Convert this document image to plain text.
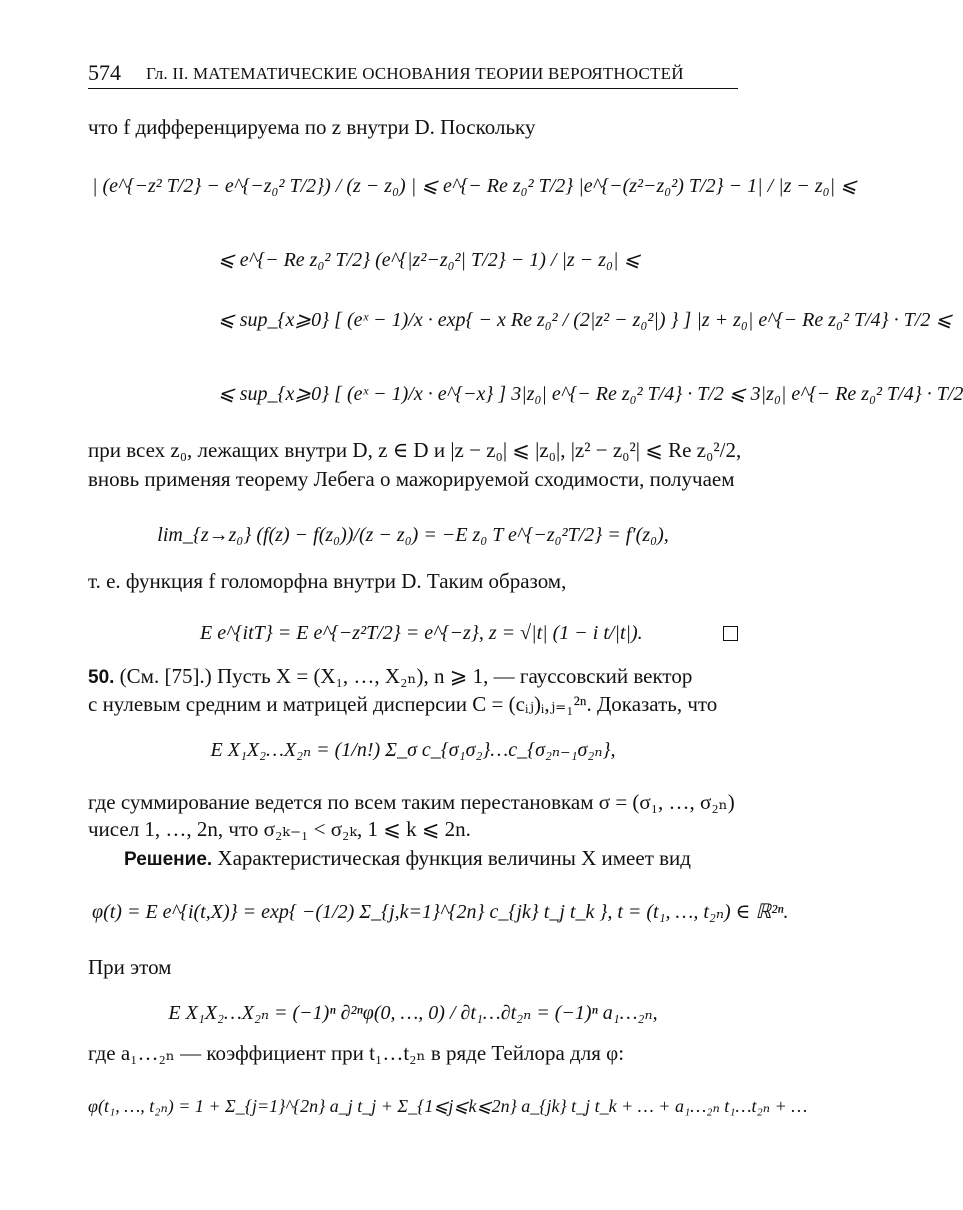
574 Гл. II. МАТЕМАТИЧЕСКИЕ ОСНОВАНИЯ ТЕОРИИ ВЕРОЯТНОСТЕЙ
что f дифференцируема по z внутри D. Поскольку
| (e^{−z² T/2} − e^{−z₀² T/2}) / (z − z₀) | ⩽ e^{− Re z₀² T/2} |e^{−(z²−z₀²) T/2} − 1| / |z − z₀| ⩽
⩽ e^{− Re z₀² T/2} (e^{|z²−z₀²| T/2} − 1) / |z − z₀| ⩽
⩽ sup_{x⩾0} [ (eˣ − 1)/x · exp{ − x Re z₀² / (2|z² − z₀²|) } ] |z + z₀| e^{− Re z₀² T/4} · T/2 ⩽
⩽ sup_{x⩾0} [ (eˣ − 1)/x · e^{−x} ] 3|z₀| e^{− Re z₀² T/4} · T/2 ⩽ 3|z₀| e^{− Re z₀² T/4} · T/2
при всех z₀, лежащих внутри D, z ∈ D и |z − z₀| ⩽ |z₀|, |z² − z₀²| ⩽ Re z₀²/2,
вновь применяя теорему Лебега о мажорируемой сходимости, получаем
lim_{z→z₀} (f(z) − f(z₀))/(z − z₀) = −E z₀ T e^{−z₀²T/2} = f′(z₀),
т. е. функция f голоморфна внутри D. Таким образом,
E e^{itT} = E e^{−z²T/2} = e^{−z}, z = √|t| (1 − i t/|t|).
50. (См. [75].) Пусть X = (X₁, …, X₂ₙ), n ⩾ 1, — гауссовский вектор
с нулевым средним и матрицей дисперсии C = (cᵢⱼ)ᵢ,ⱼ₌₁²ⁿ. Доказать, что
E X₁X₂…X₂ₙ = (1/n!) Σ_σ c_{σ₁σ₂}…c_{σ₂ₙ₋₁σ₂ₙ},
где суммирование ведется по всем таким перестановкам σ = (σ₁, …, σ₂ₙ)
чисел 1, …, 2n, что σ₂ₖ₋₁ < σ₂ₖ, 1 ⩽ k ⩽ 2n.
Решение. Характеристическая функция величины X имеет вид
φ(t) = E e^{i(t,X)} = exp{ −(1/2) Σ_{j,k=1}^{2n} c_{jk} t_j t_k }, t = (t₁, …, t₂ₙ) ∈ ℝ²ⁿ.
При этом
E X₁X₂…X₂ₙ = (−1)ⁿ ∂²ⁿφ(0, …, 0) / ∂t₁…∂t₂ₙ = (−1)ⁿ a₁…₂ₙ,
где a₁…₂ₙ — коэффициент при t₁…t₂ₙ в ряде Тейлора для φ:
φ(t₁, …, t₂ₙ) = 1 + Σ_{j=1}^{2n} a_j t_j + Σ_{1⩽j⩽k⩽2n} a_{jk} t_j t_k + … + a₁…₂ₙ t₁…t₂ₙ + …
